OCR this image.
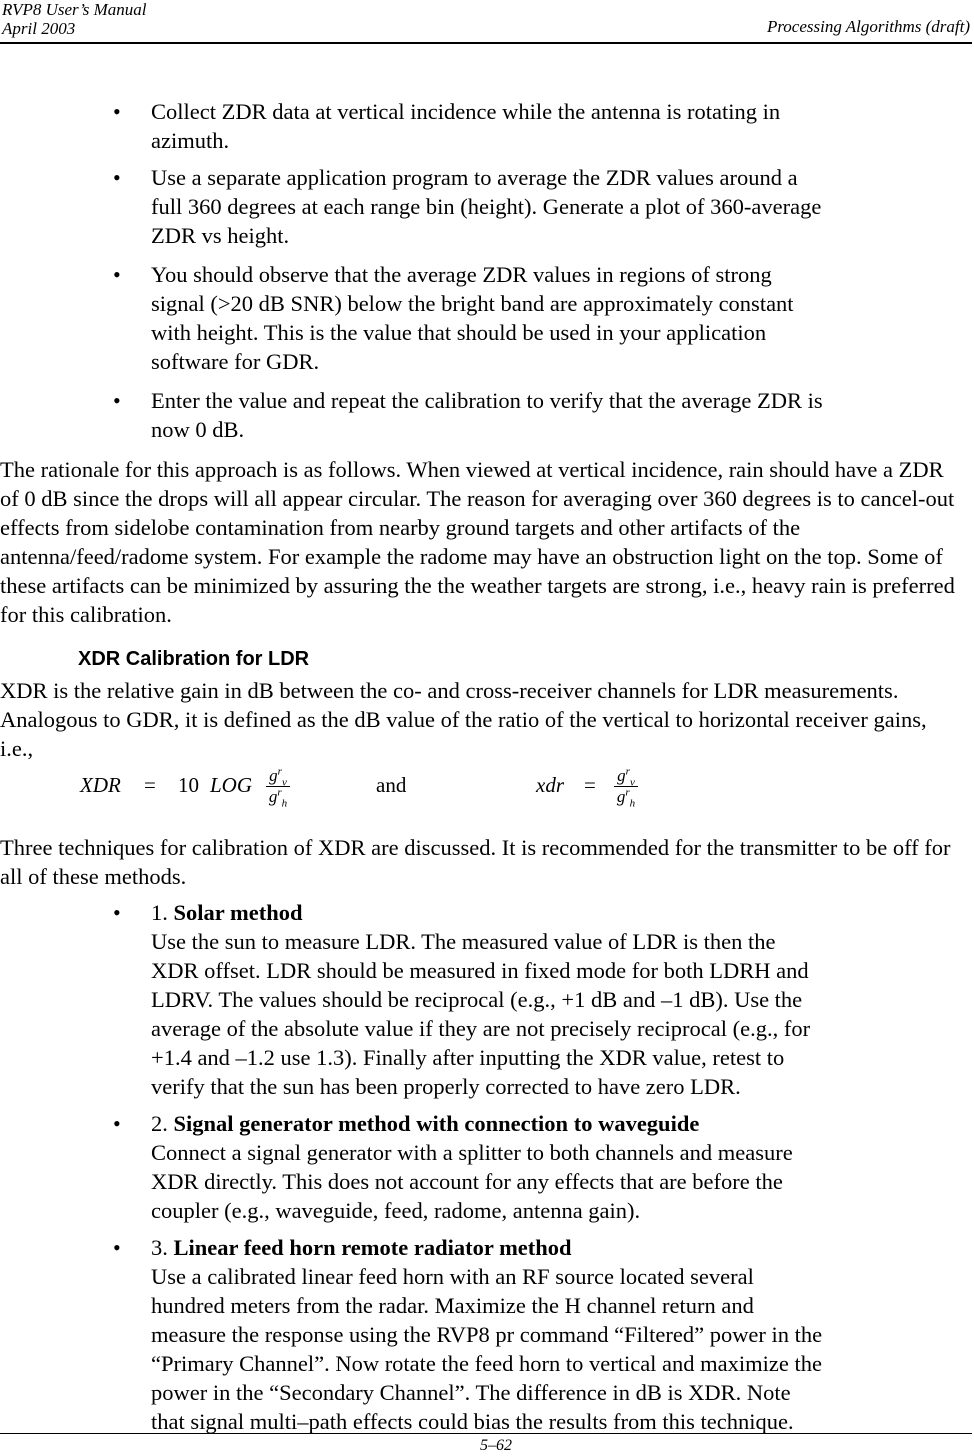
RVP8 User’s Manual
April 2003	Processing Algorithms (draft)
• Collect ZDR data at vertical incidence while the antenna is rotating in azimuth.
• Use a separate application program to average the ZDR values around a full 360 degrees at each range bin (height). Generate a plot of 360-average ZDR vs height.
• You should observe that the average ZDR values in regions of strong signal (>20 dB SNR) below the bright band are approximately constant with height. This is the value that should be used in your application software for GDR.
• Enter the value and repeat the calibration to verify that the average ZDR is now 0 dB.
The rationale for this approach is as follows. When viewed at vertical incidence, rain should have a ZDR of 0 dB since the drops will all appear circular. The reason for averaging over 360 degrees is to cancel-out effects from sidelobe contamination from nearby ground targets and other artifacts of the antenna/feed/radome system. For example the radome may have an obstruction light on the top. Some of these artifacts can be minimized by assuring the the weather targets are strong, i.e., heavy rain is preferred for this calibration.
XDR Calibration for LDR
XDR is the relative gain in dB between the co- and cross-receiver channels for LDR measurements. Analogous to GDR, it is defined as the dB value of the ratio of the vertical to horizontal receiver gains, i.e.,
XDR = 10 LOG $g^r_v$
$g^r_h$
and	xdr = $g^r_v$
$g^r_h$
Three techniques for calibration of XDR are discussed. It is recommended for the transmitter to be off for all of these methods.
• 1. Solar method
Use the sun to measure LDR. The measured value of LDR is then the XDR offset. LDR should be measured in fixed mode for both LDRH and LDRV. The values should be reciprocal (e.g., +1 dB and –1 dB). Use the average of the absolute value if they are not precisely reciprocal (e.g., for +1.4 and –1.2 use 1.3). Finally after inputting the XDR value, retest to verify that the sun has been properly corrected to have zero LDR.
• 2. Signal generator method with connection to waveguide
Connect a signal generator with a splitter to both channels and measure XDR directly. This does not account for any effects that are before the coupler (e.g., waveguide, feed, radome, antenna gain).
• 3. Linear feed horn remote radiator method
Use a calibrated linear feed horn with an RF source located several hundred meters from the radar. Maximize the H channel return and measure the response using the RVP8 pr command “Filtered” power in the “Primary Channel”. Now rotate the feed horn to vertical and maximize the power in the “Secondary Channel”. The difference in dB is XDR. Note that signal multi–path effects could bias the results from this technique.
5–62
